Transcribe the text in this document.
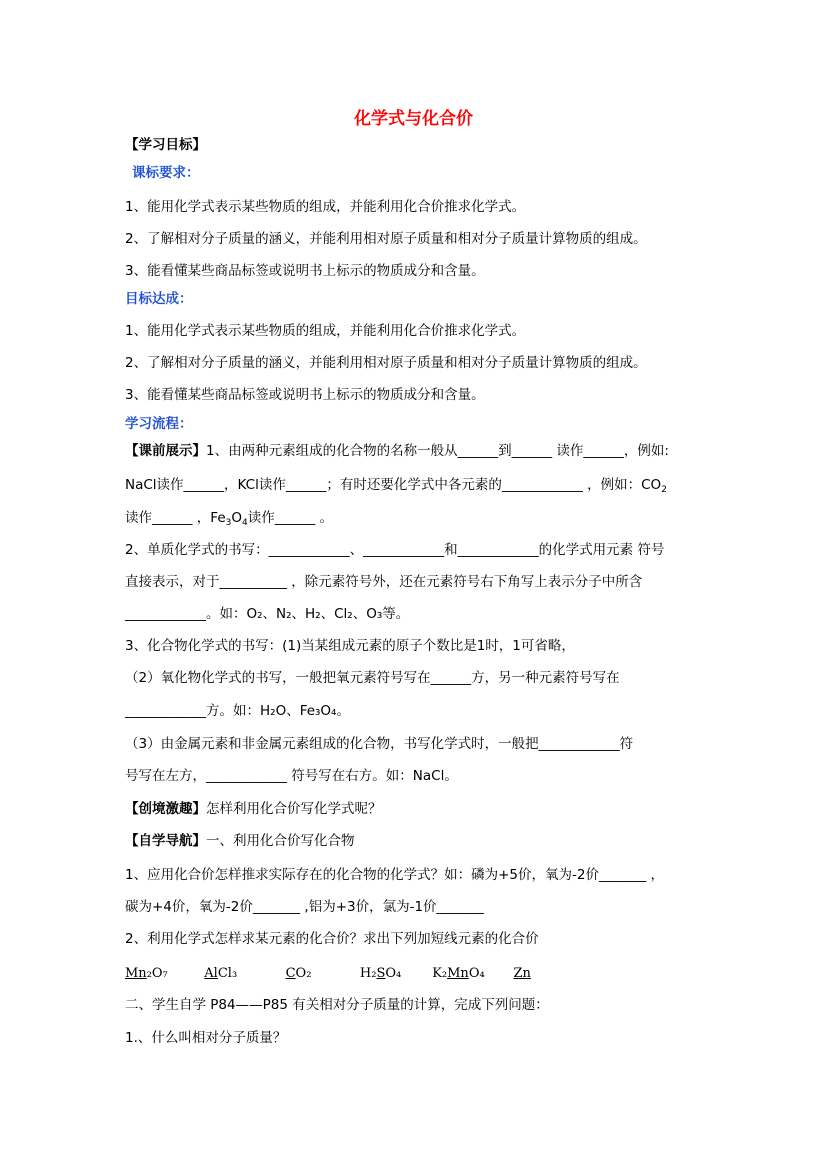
化学式与化合价
【学习目标】
课标要求：
1、能用化学式表示某些物质的组成，并能利用化合价推求化学式。
2、了解相对分子质量的涵义，并能利用相对原子质量和相对分子质量计算物质的组成。
3、能看懂某些商品标签或说明书上标示的物质成分和含量。
目标达成：
1、能用化学式表示某些物质的组成，并能利用化合价推求化学式。
2、了解相对分子质量的涵义，并能利用相对原子质量和相对分子质量计算物质的组成。
3、能看懂某些商品标签或说明书上标示的物质成分和含量。
学习流程：
【课前展示】1、由两种元素组成的化合物的名称一般从______到______ 读作______，例如:
NaCl读作______，KCl读作______；有时还要化学式中各元素的____________ ，例如：$CO_2$
读作______ ，$Fe_3O_4$读作______ 。
2、单质化学式的书写：____________、____________和____________的化学式用元素 符号
直接表示，对于__________ ，除元素符号外，还在元素符号右下角写上表示分子中所含
____________。如：O₂、N₂、H₂、Cl₂、O₃等。
3、化合物化学式的书写：(1)当某组成元素的原子个数比是1时，1可省略，
（2）氧化物化学式的书写，一般把氧元素符号写在______方，另一种元素符号写在
____________方。如：H₂O、Fe₃O₄。
（3）由金属元素和非金属元素组成的化合物，书写化学式时，一般把____________符
号写在左方，____________ 符号写在右方。如：NaCl。
【创境激趣】怎样利用化合价写化学式呢？
【自学导航】一、利用化合价写化合物
1、应用化合价怎样推求实际存在的化合物的化学式？如：磷为+5价，氧为-2价_______ ，
碳为+4价，氧为-2价_______ ,铝为+3价，氯为-1价_______
2、利用化学式怎样求某元素的化合价？求出下列加短线元素的化合价
Mn₂O₇	AlCl₃	CO₂	H₂SO₄ K₂MnO₄ Zn
二、学生自学 P84——P85 有关相对分子质量的计算，完成下列问题：
1.、什么叫相对分子质量？
